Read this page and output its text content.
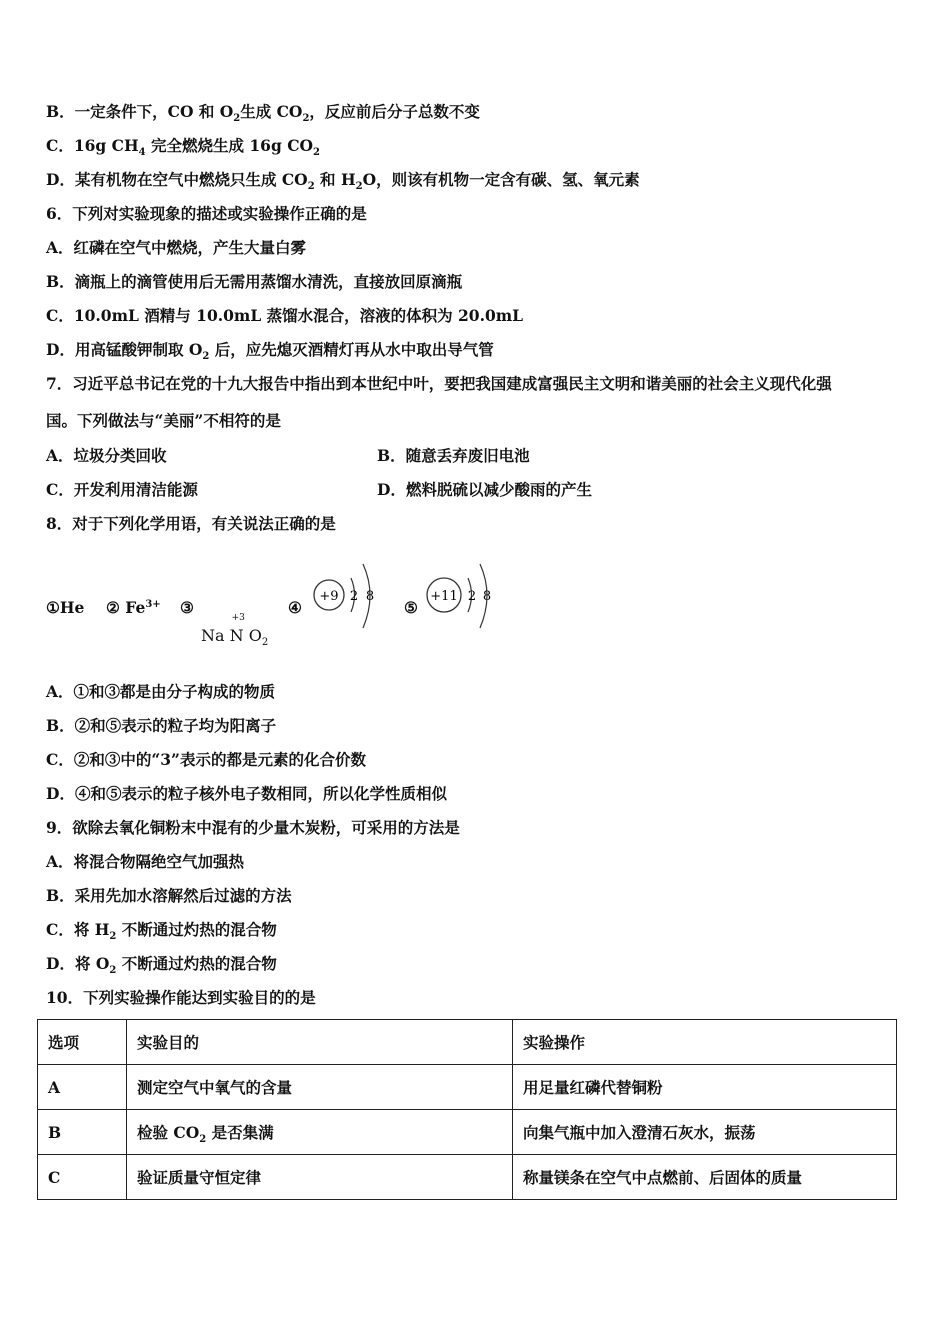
B．一定条件下，CO 和 $O_2$生成 $CO_2$，反应前后分子总数不变
C．16g $CH_4$ 完全燃烧生成 16g $CO_2$
D．某有机物在空气中燃烧只生成 $CO_2$ 和 $H_2O$，则该有机物一定含有碳、氢、氧元素
6．下列对实验现象的描述或实验操作正确的是
A．红磷在空气中燃烧，产生大量白雾
B．滴瓶上的滴管使用后无需用蒸馏水清洗，直接放回原滴瓶
C．10.0mL 酒精与 10.0mL 蒸馏水混合，溶液的体积为 20.0mL
D．用高锰酸钾制取 $O_2$ 后，应先熄灭酒精灯再从水中取出导气管
7．习近平总书记在党的十九大报告中指出到本世纪中叶，要把我国建成富强民主文明和谐美丽的社会主义现代化强
国。下列做法与“美丽”不相符的是
A．垃圾分类回收	B．随意丢弃废旧电池
C．开发利用清洁能源	D．燃料脱硫以减少酸雨的产生
8．对于下列化学用语，有关说法正确的是
①He ② $Fe^{3+}$ ③
Na
+3
N $O_2$
④
+9 2 8
⑤
+11 2 8
A．①和③都是由分子构成的物质
B．②和⑤表示的粒子均为阳离子
C．②和③中的“3”表示的都是元素的化合价数
D．④和⑤表示的粒子核外电子数相同，所以化学性质相似
9．欲除去氧化铜粉末中混有的少量木炭粉，可采用的方法是
A．将混合物隔绝空气加强热
B．采用先加水溶解然后过滤的方法
C．将 $H_2$ 不断通过灼热的混合物
D．将 $O_2$ 不断通过灼热的混合物
10．下列实验操作能达到实验目的的是
选项	实验目的	实验操作
A	测定空气中氧气的含量	用足量红磷代替铜粉
B	检验 $CO_2$ 是否集满	向集气瓶中加入澄清石灰水，振荡
C	验证质量守恒定律	称量镁条在空气中点燃前、后固体的质量
